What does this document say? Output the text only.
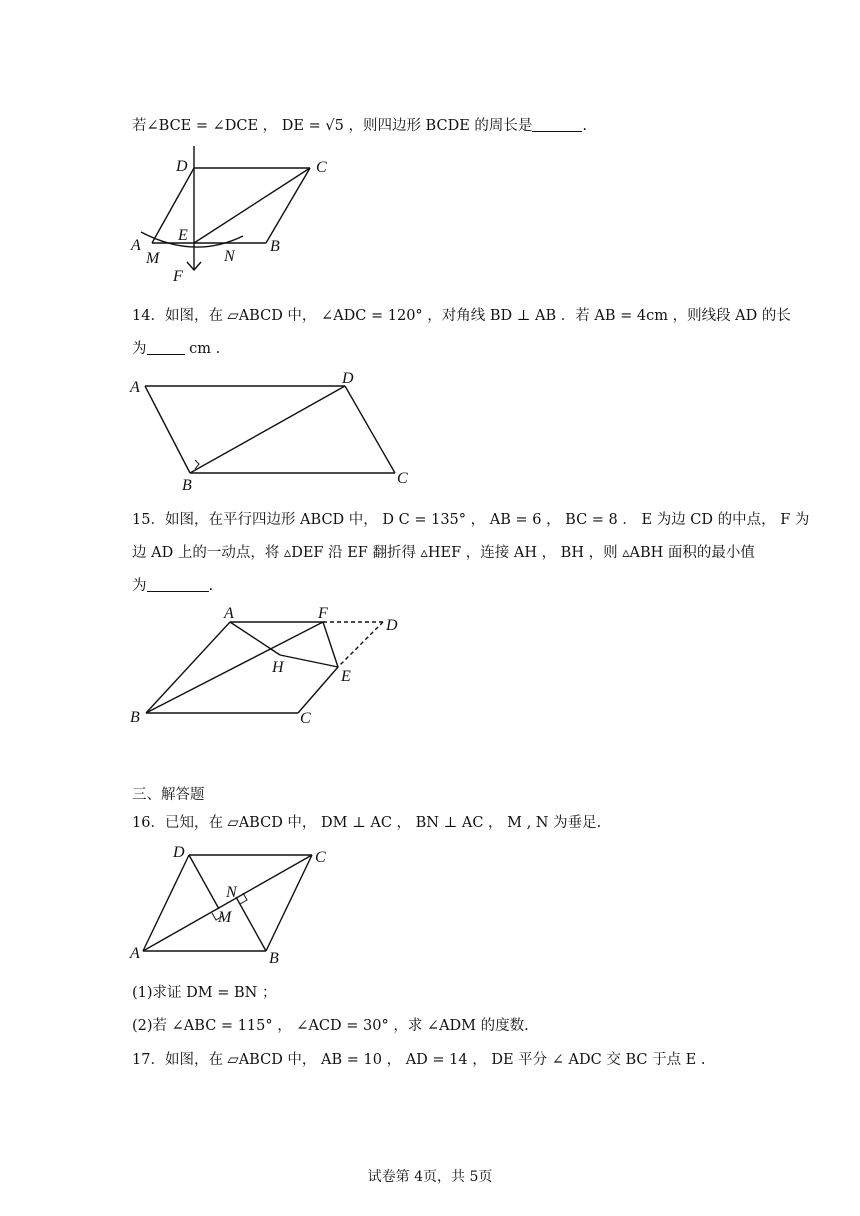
若∠BCE = ∠DCE ， DE = √5 ，则四边形 BCDE 的周长是	.
D	C
A
E
B
M	N
F
14．如图，在 ▱ABCD 中， ∠ADC = 120° ，对角线 BD ⊥ AB ．若 AB = 4cm ，则线段 AD 的长
为	cm .
A
D
B	C
15．如图，在平行四边形 ABCD 中， D C = 135° ， AB = 6 ， BC = 8 ． E 为边 CD 的中点， F 为
边 AD 上的一动点，将 ▵DEF 沿 EF 翻折得 ▵HEF ，连接 AH ， BH ，则 ▵ABH 面积的最小值
为	.
A	F
D
H
E
B	C
三、解答题
16．已知，在 ▱ABCD 中， DM ⊥ AC ， BN ⊥ AC ， M , N 为垂足.
D	C
N
M
A	B
(1)求证 DM = BN ；
(2)若 ∠ABC = 115° ， ∠ACD = 30° ，求 ∠ADM 的度数.
17．如图，在 ▱ABCD 中， AB = 10 ， AD = 14 ， DE 平分 ∠ ADC 交 BC 于点 E .
试卷第 4页，共 5页
